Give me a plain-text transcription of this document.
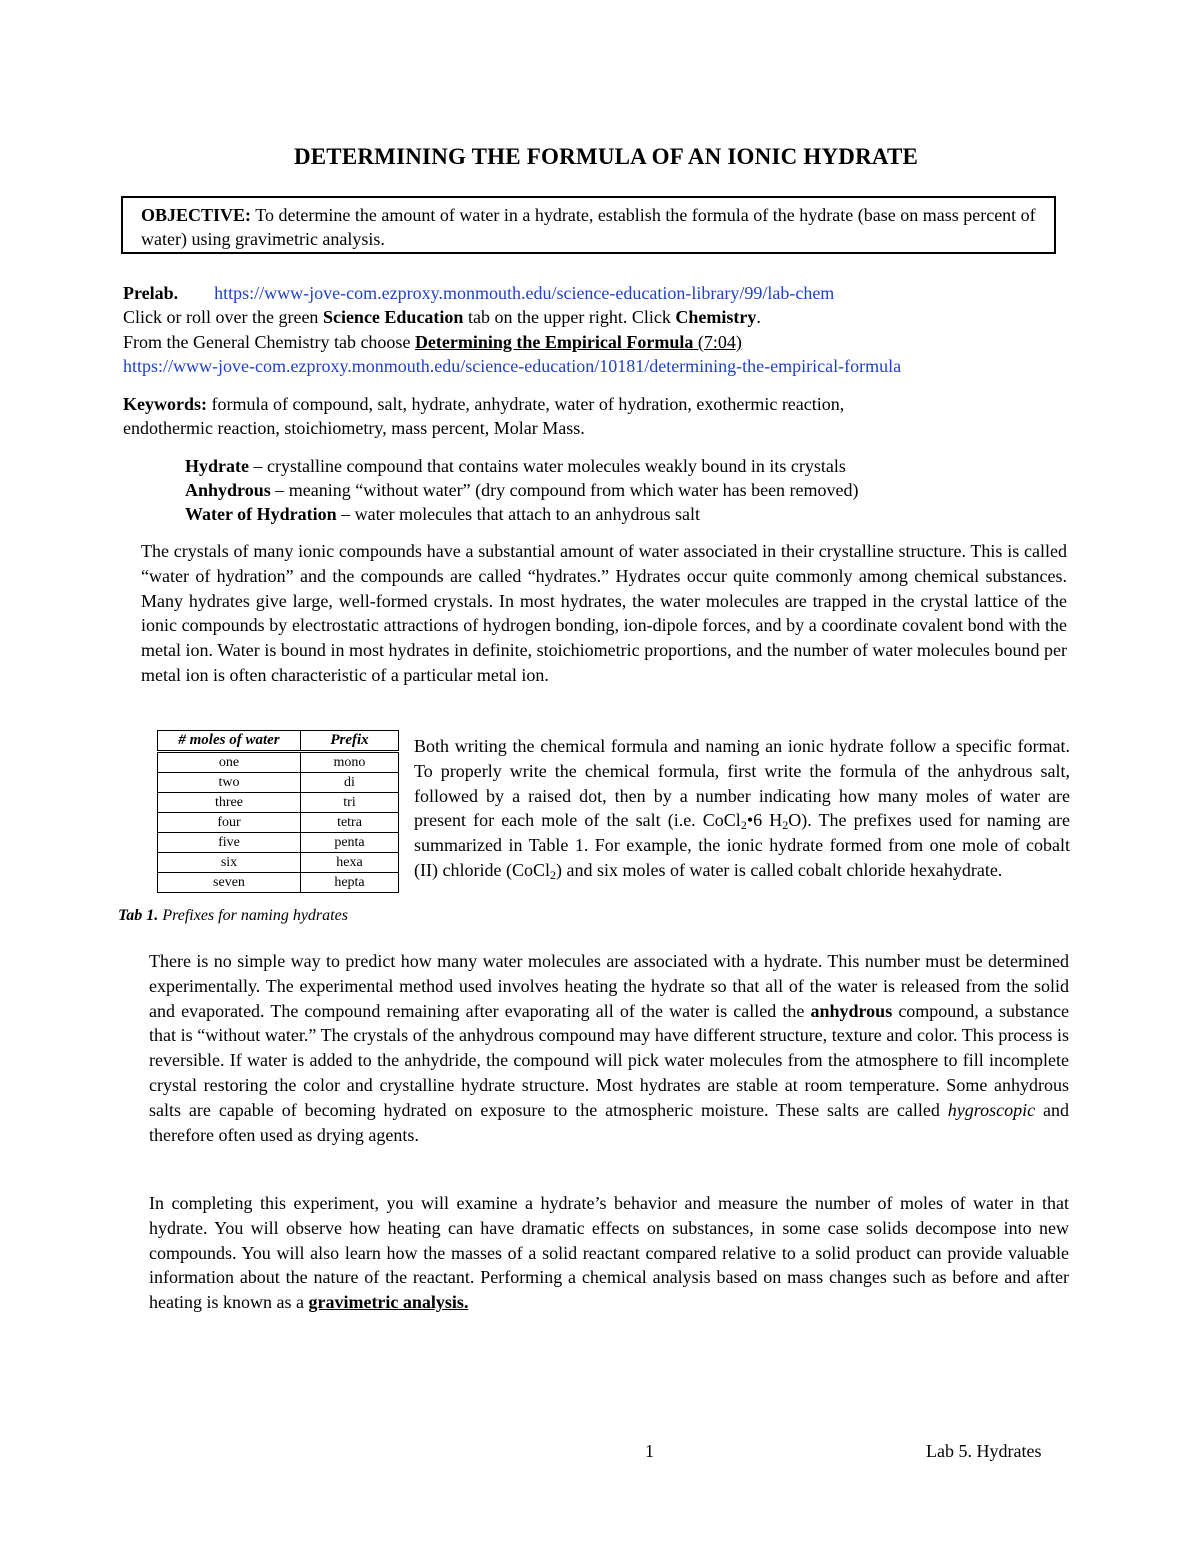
DETERMINING THE FORMULA OF AN IONIC HYDRATE
OBJECTIVE: To determine the amount of water in a hydrate, establish the formula of the hydrate (base on mass percent of water) using gravimetric analysis.
Prelab. https://www-jove-com.ezproxy.monmouth.edu/science-education-library/99/lab-chem
Click or roll over the green Science Education tab on the upper right. Click Chemistry.
From the General Chemistry tab choose Determining the Empirical Formula (7:04)
https://www-jove-com.ezproxy.monmouth.edu/science-education/10181/determining-the-empirical-formula
Keywords: formula of compound, salt, hydrate, anhydrate, water of hydration, exothermic reaction,
endothermic reaction, stoichiometry, mass percent, Molar Mass.
Hydrate – crystalline compound that contains water molecules weakly bound in its crystals
Anhydrous – meaning “without water” (dry compound from which water has been removed)
Water of Hydration – water molecules that attach to an anhydrous salt
The crystals of many ionic compounds have a substantial amount of water associated in their crystalline structure. This is called “water of hydration” and the compounds are called “hydrates.” Hydrates occur quite commonly among chemical substances. Many hydrates give large, well-formed crystals. In most hydrates, the water molecules are trapped in the crystal lattice of the ionic compounds by electrostatic attractions of hydrogen bonding, ion-dipole forces, and by a coordinate covalent bond with the metal ion. Water is bound in most hydrates in definite, stoichiometric proportions, and the number of water molecules bound per metal ion is often characteristic of a particular metal ion.
# moles of water	Prefix
one	mono
two	di
three	tri
four	tetra
five	penta
six	hexa
seven	hepta
Tab 1. Prefixes for naming hydrates
Both writing the chemical formula and naming an ionic hydrate follow a specific format. To properly write the chemical formula, first write the formula of the anhydrous salt, followed by a raised dot, then by a number indicating how many moles of water are present for each mole of the salt (i.e. CoCl$_2$•6 $H_2O$). The prefixes used for naming are summarized in Table 1. For example, the ionic hydrate formed from one mole of cobalt (II) chloride (CoCl$_2$) and six moles of water is called cobalt chloride hexahydrate.
There is no simple way to predict how many water molecules are associated with a hydrate. This number must be determined experimentally. The experimental method used involves heating the hydrate so that all of the water is released from the solid and evaporated. The compound remaining after evaporating all of the water is called the anhydrous compound, a substance that is “without water.” The crystals of the anhydrous compound may have different structure, texture and color. This process is reversible. If water is added to the anhydride, the compound will pick water molecules from the atmosphere to fill incomplete crystal restoring the color and crystalline hydrate structure. Most hydrates are stable at room temperature. Some anhydrous salts are capable of becoming hydrated on exposure to the atmospheric moisture. These salts are called hygroscopic and therefore often used as drying agents.
In completing this experiment, you will examine a hydrate’s behavior and measure the number of moles of water in that hydrate. You will observe how heating can have dramatic effects on substances, in some case solids decompose into new compounds. You will also learn how the masses of a solid reactant compared relative to a solid product can provide valuable information about the nature of the reactant. Performing a chemical analysis based on mass changes such as before and after heating is known as a gravimetric analysis.
1	Lab 5. Hydrates
